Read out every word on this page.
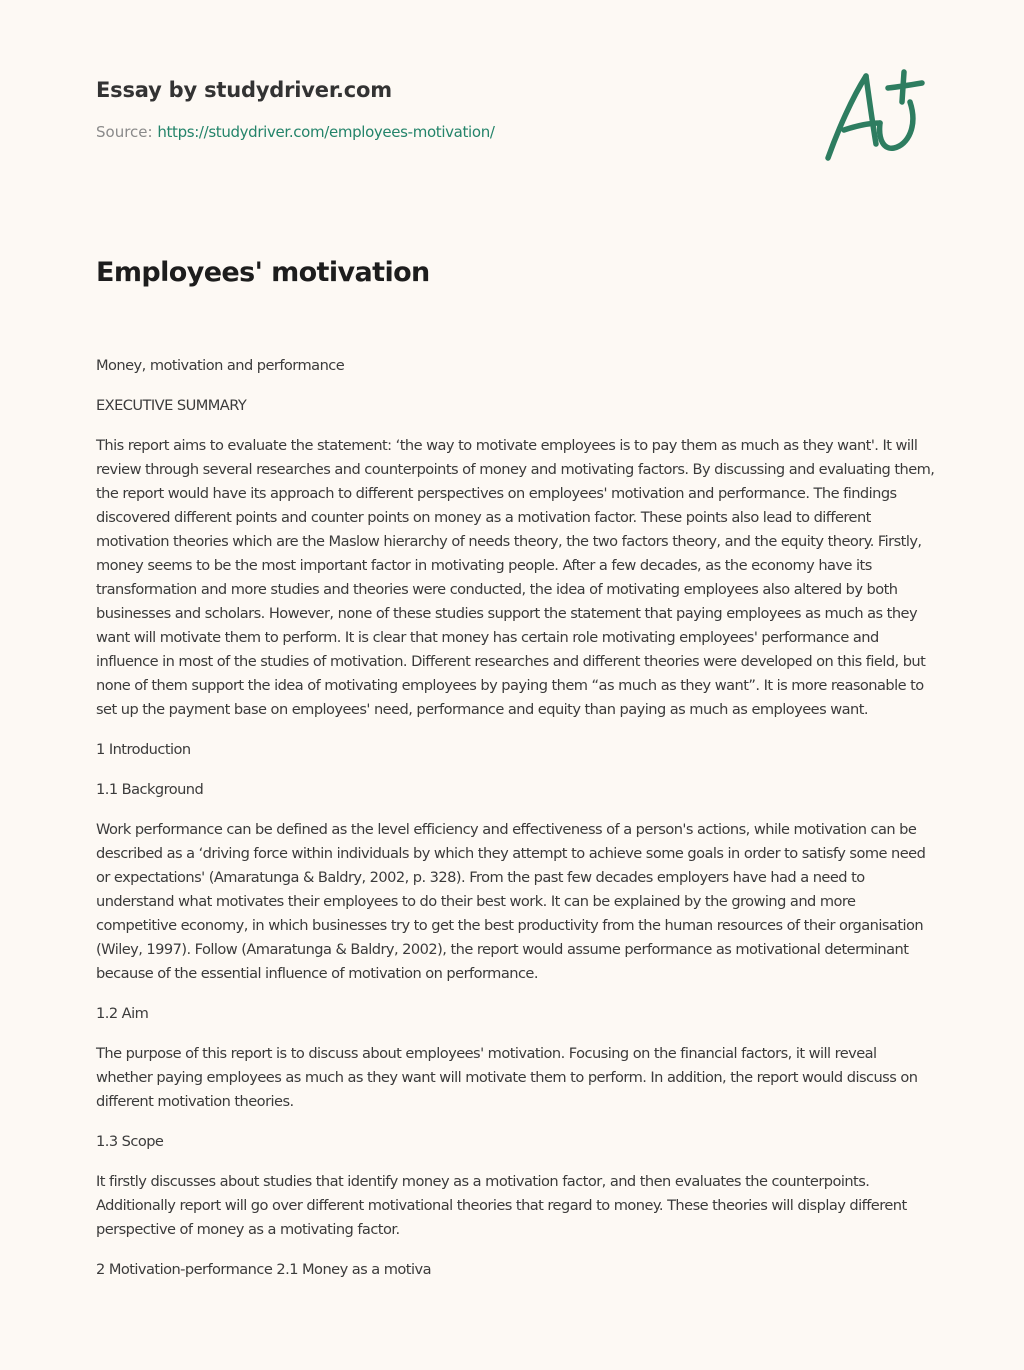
Essay by studydriver.com
Source: https://studydriver.com/employees-motivation/
Employees' motivation

Money, motivation and performance

EXECUTIVE SUMMARY

This report aims to evaluate the statement: ‘the way to motivate employees is to pay them as much as they want'. It will review through several researches and counterpoints of money and motivating factors. By discussing and evaluating them, the report would have its approach to different perspectives on employees' motivation and performance. The findings discovered different points and counter points on money as a motivation factor. These points also lead to different motivation theories which are the Maslow hierarchy of needs theory, the two factors theory, and the equity theory. Firstly, money seems to be the most important factor in motivating people. After a few decades, as the economy have its transformation and more studies and theories were conducted, the idea of motivating employees also altered by both businesses and scholars. However, none of these studies support the statement that paying employees as much as they want will motivate them to perform. It is clear that money has certain role motivating employees' performance and influence in most of the studies of motivation. Different researches and different theories were developed on this field, but none of them support the idea of motivating employees by paying them “as much as they want”. It is more reasonable to set up the payment base on employees' need, performance and equity than paying as much as employees want.

1 Introduction

1.1 Background

Work performance can be defined as the level efficiency and effectiveness of a person's actions, while motivation can be described as a ‘driving force within individuals by which they attempt to achieve some goals in order to satisfy some need or expectations' (Amaratunga & Baldry, 2002, p. 328). From the past few decades employers have had a need to understand what motivates their employees to do their best work. It can be explained by the growing and more competitive economy, in which businesses try to get the best productivity from the human resources of their organisation (Wiley, 1997). Follow (Amaratunga & Baldry, 2002), the report would assume performance as motivational determinant because of the essential influence of motivation on performance.

1.2 Aim

The purpose of this report is to discuss about employees' motivation. Focusing on the financial factors, it will reveal whether paying employees as much as they want will motivate them to perform. In addition, the report would discuss on different motivation theories.

1.3 Scope

It firstly discusses about studies that identify money as a motivation factor, and then evaluates the counterpoints. Additionally report will go over different motivational theories that regard to money. These theories will display different perspective of money as a motivating factor.

2 Motivation-performance 2.1 Money as a motiva
